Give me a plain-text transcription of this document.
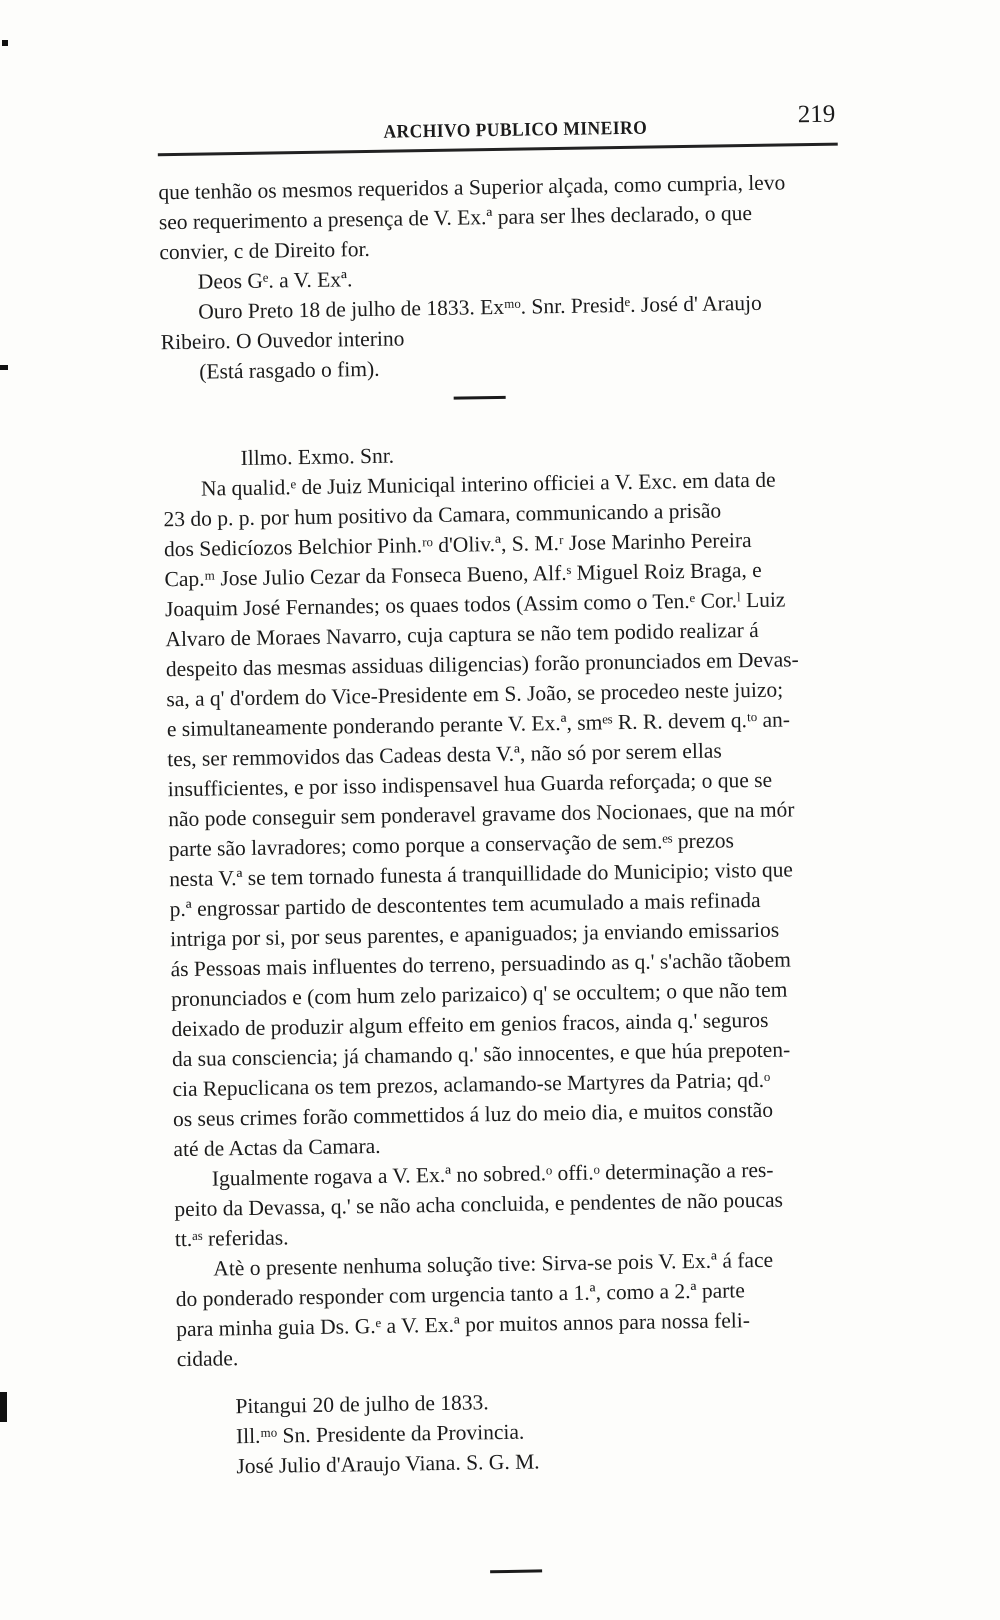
ARCHIVO PUBLICO MINEIRO
219

que tenhão os mesmos requeridos a Superior alçada, como cumpria, levo
seo requerimento a presença de V. Ex.ª para ser lhes declarado, o que
convier, c de Direito for.

Deos Gᵉ. a V. Exª.

Ouro Preto 18 de julho de 1833. Exᵐᵒ. Snr. Presidᵉ. José d' Araujo
Ribeiro. O Ouvedor interino

(Está rasgado o fim).

Illmo. Exmo. Snr.

Na qualid.ᵉ de Juiz Municiqal interino officiei a V. Exc. em data de
23 do p. p. por hum positivo da Camara, communicando a prisão
dos Sedicíozos Belchior Pinh.ʳᵒ d'Oliv.ª, S. M.ʳ Jose Marinho Pereira
Cap.ᵐ Jose Julio Cezar da Fonseca Bueno, Alf.ˢ Miguel Roiz Braga, e
Joaquim José Fernandes; os quaes todos (Assim como o Ten.ᵉ Cor.ˡ Luiz
Alvaro de Moraes Navarro, cuja captura se não tem podido realizar á
despeito das mesmas assiduas diligencias) forão pronunciados em Devas-
sa, a q' d'ordem do Vice-Presidente em S. João, se procedeo neste juizo;
e simultaneamente ponderando perante V. Ex.ª, smᵉˢ R. R. devem q.ᵗᵒ an-
tes, ser remmovidos das Cadeas desta V.ª, não só por serem ellas
insufficientes, e por isso indispensavel hua Guarda reforçada; o que se
não pode conseguir sem ponderavel gravame dos Nocionaes, que na mór
parte são lavradores; como porque a conservação de sem.ᵉˢ prezos
nesta V.ª se tem tornado funesta á tranquillidade do Municipio; visto que
p.ª engrossar partido de descontentes tem acumulado a mais refinada
intriga por si, por seus parentes, e apaniguados; ja enviando emissarios
ás Pessoas mais influentes do terreno, persuadindo as q.' s'achão tãobem
pronunciados e (com hum zelo parizaico) q' se occultem; o que não tem
deixado de produzir algum effeito em genios fracos, ainda q.' seguros
da sua consciencia; já chamando q.' são innocentes, e que húa prepoten-
cia Repuclicana os tem prezos, aclamando-se Martyres da Patria; qd.ᵒ
os seus crimes forão commettidos á luz do meio dia, e muitos constão
até de Actas da Camara.

Igualmente rogava a V. Ex.ª no sobred.ᵒ offi.ᵒ determinação a res-
peito da Devassa, q.' se não acha concluida, e pendentes de não poucas
tt.ᵃˢ referidas.

Atè o presente nenhuma solução tive: Sirva-se pois V. Ex.ª á face
do ponderado responder com urgencia tanto a 1.ª, como a 2.ª parte
para minha guia Ds. G.ᵉ a V. Ex.ª por muitos annos para nossa feli-
cidade.

Pitangui 20 de julho de 1833.
Ill.ᵐᵒ Sn. Presidente da Provincia.
José Julio d'Araujo Viana. S. G. M.
